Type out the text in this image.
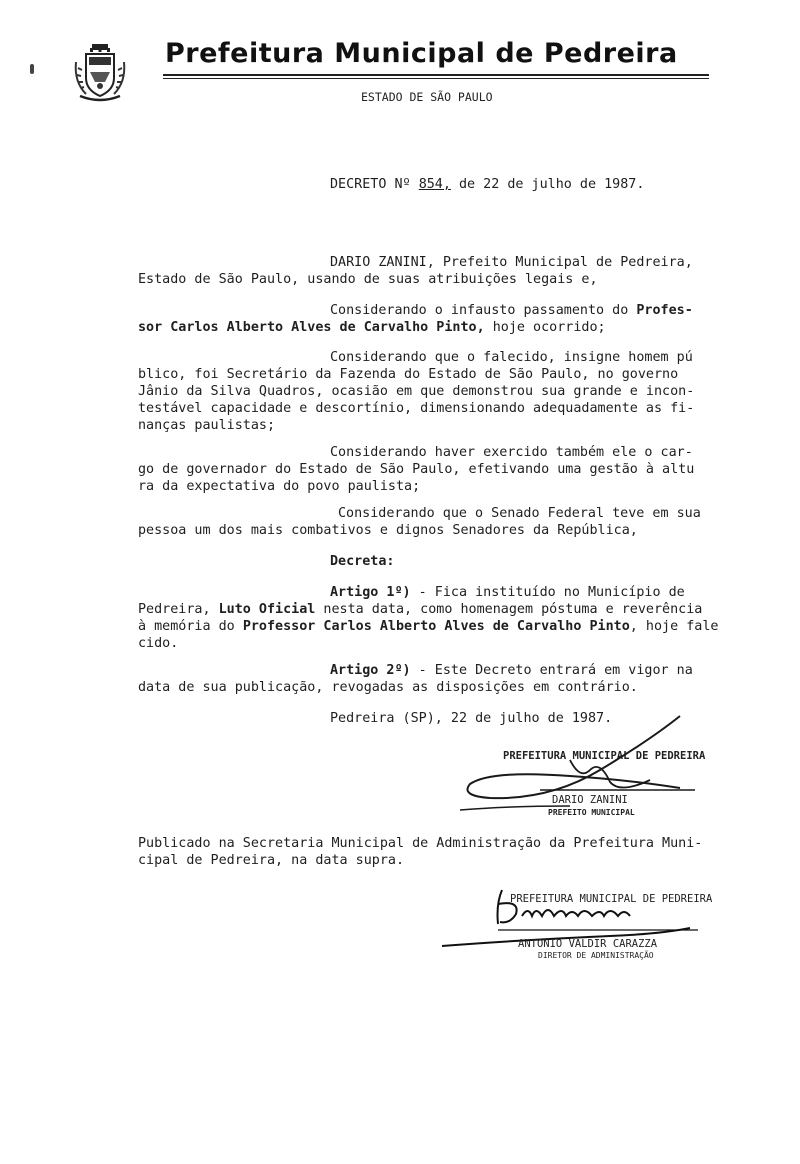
Prefeitura Municipal de Pedreira
ESTADO DE SÃO PAULO
DECRETO Nº 854, de 22 de julho de 1987.
DARIO ZANINI, Prefeito Municipal de Pedreira,
Estado de São Paulo, usando de suas atribuições legais e,
Considerando o infausto passamento do Profes-
sor Carlos Alberto Alves de Carvalho Pinto, hoje ocorrido;
Considerando que o falecido, insigne homem pú
blico, foi Secretário da Fazenda do Estado de São Paulo, no governo
Jânio da Silva Quadros, ocasião em que demonstrou sua grande e incon-
testável capacidade e descortínio, dimensionando adequadamente as fi-
nanças paulistas;
Considerando haver exercido também ele o car-
go de governador do Estado de São Paulo, efetivando uma gestão à altu
ra da expectativa do povo paulista;
Considerando que o Senado Federal teve em sua
pessoa um dos mais combativos e dignos Senadores da República,
Decreta:
Artigo 1º) - Fica instituído no Município de
Pedreira, Luto Oficial nesta data, como homenagem póstuma e reverência
à memória do Professor Carlos Alberto Alves de Carvalho Pinto, hoje fale
cido.
Artigo 2º) - Este Decreto entrará em vigor na
data de sua publicação, revogadas as disposições em contrário.
Pedreira (SP), 22 de julho de 1987.
PREFEITURA MUNICIPAL DE PEDREIRA
DARIO ZANINI
PREFEITO MUNICIPAL
Publicado na Secretaria Municipal de Administração da Prefeitura Muni-
cipal de Pedreira, na data supra.
PREFEITURA MUNICIPAL DE PEDREIRA
ANTONIO VALDIR CARAZZA
DIRETOR DE ADMINISTRAÇÃO
